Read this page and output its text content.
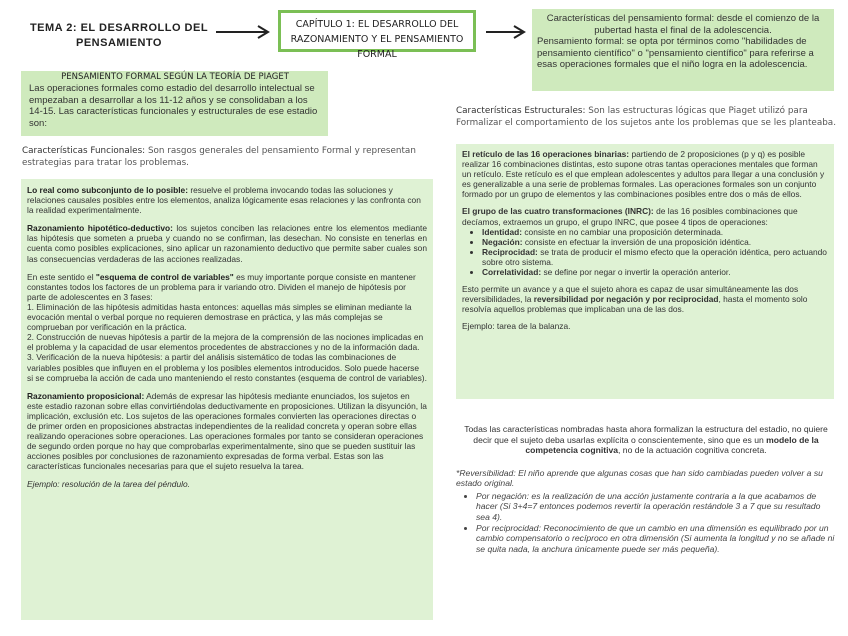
TEMA 2: EL DESARROLLO DEL PENSAMIENTO
CAPÍTULO 1: EL DESARROLLO DEL RAZONAMIENTO Y EL PENSAMIENTO FORMAL

Características del pensamiento formal: desde el comienzo de la pubertad hasta el final de la adolescencia.

Pensamiento formal: se opta por términos como "habilidades de pensamiento científico" o "pensamiento científico" para referirse a esas operaciones formales que el niño logra en la adolescencia.

PENSAMIENTO FORMAL SEGÚN LA TEORÍA DE PIAGET
Las operaciones formales como estadio del desarrollo intelectual se empezaban a desarrollar a los 11-12 años y se consolidaban a los 14-15. Las características funcionales y estructurales de ese estadio son:
Características Funcionales: Son rasgos generales del pensamiento Formal y representan estrategias para tratar los problemas.

Lo real como subconjunto de lo posible: resuelve el problema invocando todas las soluciones y relaciones causales posibles entre los elementos, analiza lógicamente esas relaciones y las confronta con la realidad experimentalmente.

Razonamiento hipotético-deductivo: los sujetos conciben las relaciones entre los elementos mediante las hipótesis que someten a prueba y cuando no se confirman, las desechan. No consiste en tenerlas en cuenta como posibles explicaciones, sino aplicar un razonamiento deductivo que permite saber cuales son las consecuencias verdaderas de las acciones realizadas.

En este sentido el "esquema de control de variables" es muy importante porque consiste en mantener constantes todos los factores de un problema para ir variando otro. Dividen el manejo de hipótesis por parte de adolescentes en 3 fases:
1. Eliminación de las hipótesis admitidas hasta entonces: aquellas más simples se eliminan mediante la evocación mental o verbal porque no requieren demostrase en práctica, y las más complejas se comprueban por verificación en la práctica.
2. Construcción de nuevas hipótesis a partir de la mejora de la comprensión de las nociones implicadas en el problema y la capacidad de usar elementos procedentes de abstracciones y no de la información dada.
3. Verificación de la nueva hipótesis: a partir del análisis sistemático de todas las combinaciones de variables posibles que influyen en el problema y los posibles elementos introducidos. Solo puede hacerse si se comprueba la acción de cada uno manteniendo el resto constantes (esquema de control de variables).

Razonamiento proposicional: Además de expresar las hipótesis mediante enunciados, los sujetos en este estadio razonan sobre ellas convirtiéndolas deductivamente en proposiciones. Utilizan la disyunción, la implicación, exclusión etc. Los sujetos de las operaciones formales convierten las operaciones directas o de primer orden en proposiciones abstractas independientes de la realidad concreta y operan sobre ellas realizando operaciones sobre operaciones. Las operaciones formales por tanto se consideran operaciones de segundo orden porque no hay que comprobarlas experimentalmente, sino que se pueden sustituir las acciones posibles por conclusiones de razonamiento expresadas de forma verbal. Estas son las características funcionales necesarias para que el sujeto resuelva la tarea.

Ejemplo: resolución de la tarea del péndulo.

Características Estructurales: Son las estructuras lógicas que Piaget utilizó para Formalizar el comportamiento de los sujetos ante los problemas que se les planteaba.

El retículo de las 16 operaciones binarias: partiendo de 2 proposiciones (p y q) es posible realizar 16 combinaciones distintas, esto supone otras tantas operaciones mentales que forman un retículo. Este retículo es el que emplean adolescentes y adultos para llegar a una conclusión y es generalizable a una serie de problemas formales. Las operaciones formales son un conjunto formado por un grupo de elementos y las combinaciones posibles entre dos o más de ellos.

El grupo de las cuatro transformaciones (INRC): de las 16 posibles combinaciones que decíamos, extraemos un grupo, el grupo INRC, que posee 4 tipos de operaciones:

• Identidad: consiste en no cambiar una proposición determinada.
• Negación: consiste en efectuar la inversión de una proposición idéntica.
• Reciprocidad: se trata de producir el mismo efecto que la operación idéntica, pero actuando sobre otro sistema.
• Correlatividad: se define por negar o invertir la operación anterior.

Esto permite un avance y a que el sujeto ahora es capaz de usar simultáneamente las dos reversibilidades, la reversibilidad por negación y por reciprocidad, hasta el momento solo resolvía aquellos problemas que implicaban una de las dos.

Ejemplo: tarea de la balanza.

Todas las características nombradas hasta ahora formalizan la estructura del estadio, no quiere decir que el sujeto deba usarlas explícita o conscientemente, sino que es un modelo de la competencia cognitiva, no de la actuación cognitiva concreta.

*Reversibilidad: El niño aprende que algunas cosas que han sido cambiadas pueden volver a su estado original.

• Por negación: es la realización de una acción justamente contraria a la que acabamos de hacer (Si 3+4=7 entonces podemos revertir la operación restándole 3 a 7 que su resultado sea 4).
• Por reciprocidad: Reconocimiento de que un cambio en una dimensión es equilibrado por un cambio compensatorio o recíproco en otra dimensión (Si aumenta la longitud y no se añade ni se quita nada, la anchura únicamente puede ser más pequeña).
